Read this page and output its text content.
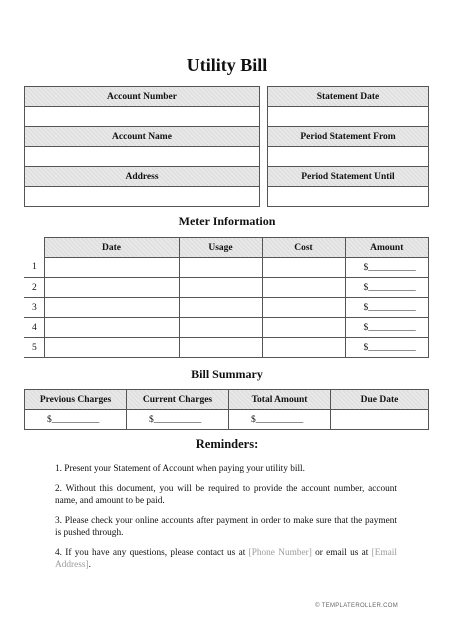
Utility Bill
Account Number

Account Name

Address

Statement Date

Period Statement From

Period Statement Until

Meter Information
	Date	Usage	Cost	Amount
1				$__________
2				$__________
3				$__________
4				$__________
5				$__________
Bill Summary
Previous Charges	Current Charges	Total Amount	Due Date
$__________	$__________	$__________	
Reminders:

1. Present your Statement of Account when paying your utility bill.

2. Without this document, you will be required to provide the account number, account name, and amount to be paid.

3. Please check your online accounts after payment in order to make sure that the payment is pushed through.

4. If you have any questions, please contact us at [Phone Number] or email us at [Email Address].

© TEMPLATEROLLER.COM
